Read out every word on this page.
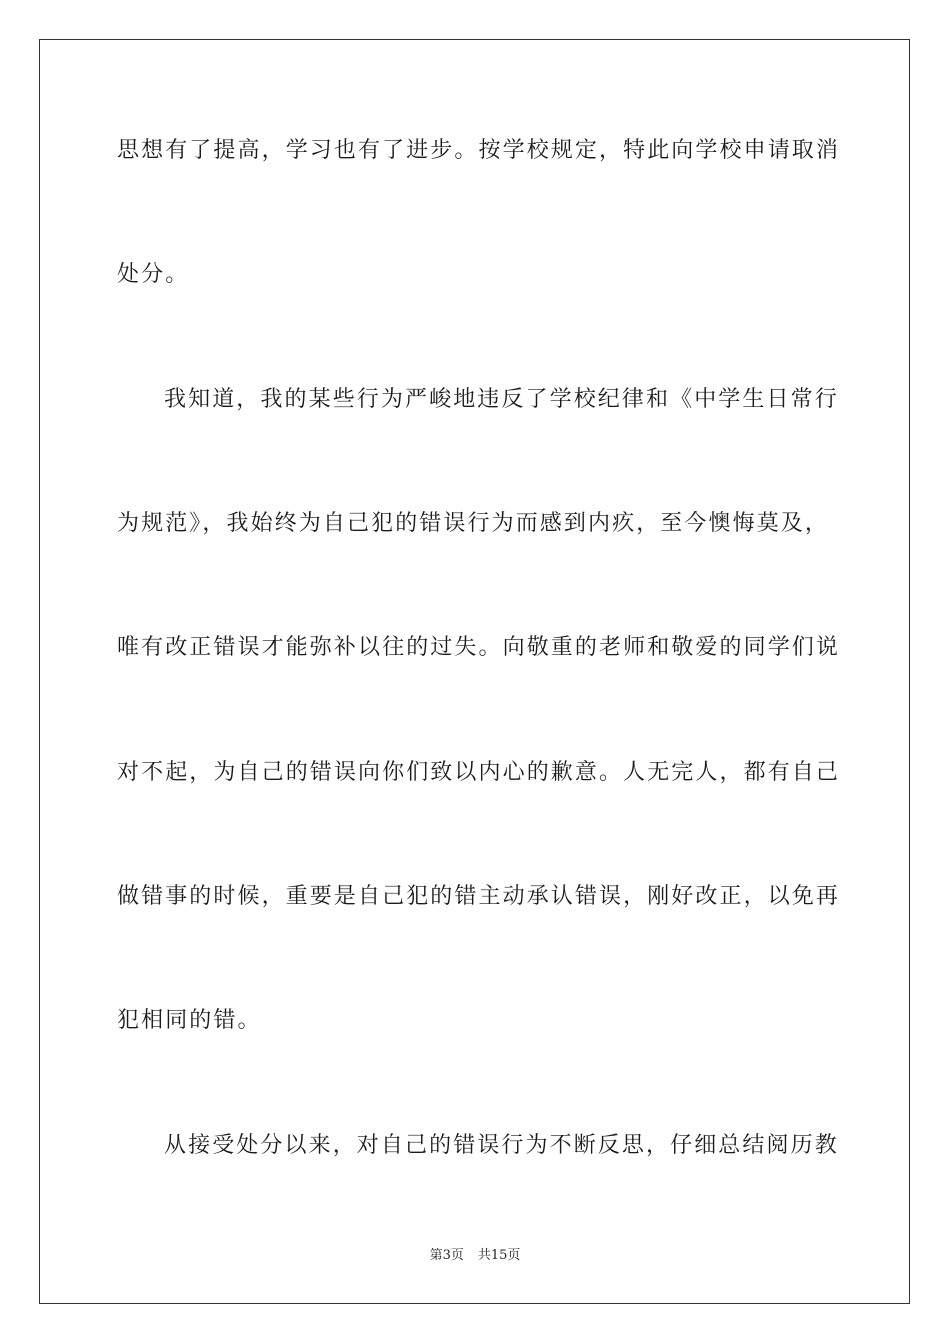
思想有了提高，学习也有了进步。按学校规定，特此向学校申请取消
处分。
我知道，我的某些行为严峻地违反了学校纪律和《中学生日常行
为规范》，我始终为自己犯的错误行为而感到内疚，至今懊悔莫及，
唯有改正错误才能弥补以往的过失。向敬重的老师和敬爱的同学们说
对不起，为自己的错误向你们致以内心的歉意。人无完人，都有自己
做错事的时候，重要是自己犯的错主动承认错误，刚好改正，以免再
犯相同的错。
从接受处分以来，对自己的错误行为不断反思，仔细总结阅历教
第3页 共15页
